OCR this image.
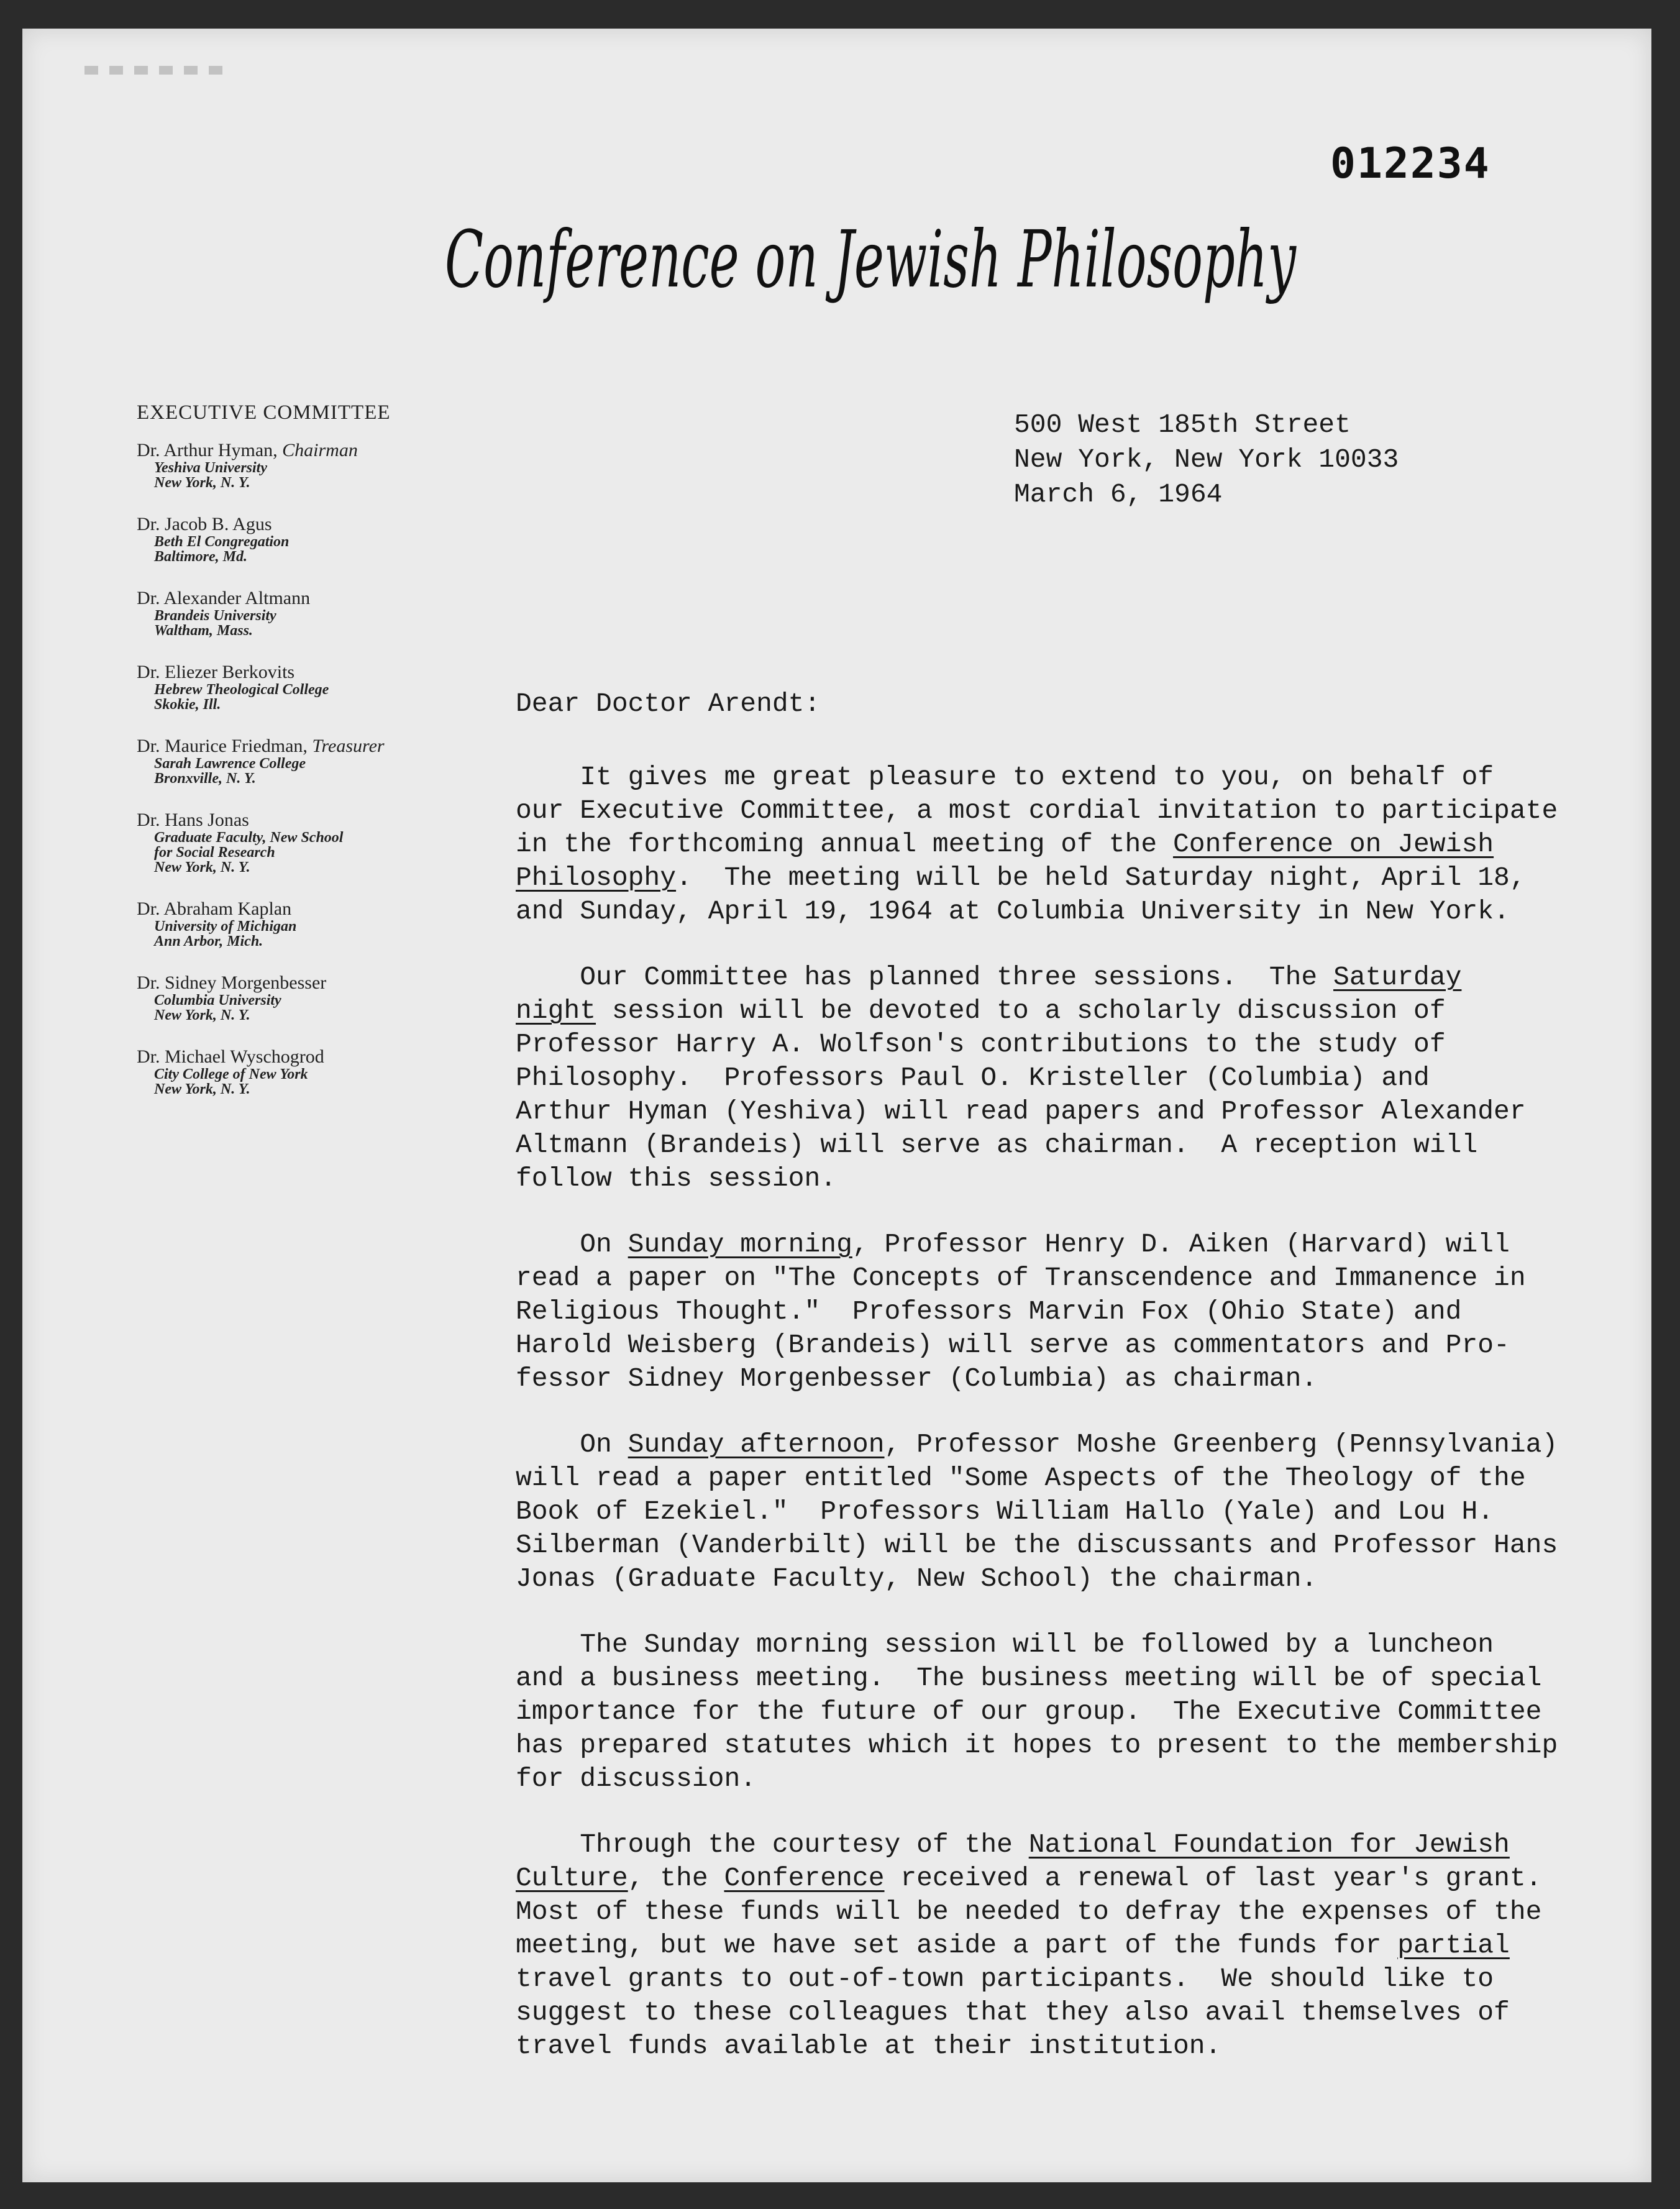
012234

Conference on Jewish Philosophy
EXECUTIVE COMMITTEE
Dr. Arthur Hyman, Chairman
Yeshiva University
New York, N. Y.
Dr. Jacob B. Agus
Beth El Congregation
Baltimore, Md.
Dr. Alexander Altmann
Brandeis University
Waltham, Mass.
Dr. Eliezer Berkovits
Hebrew Theological College
Skokie, Ill.
Dr. Maurice Friedman, Treasurer
Sarah Lawrence College
Bronxville, N. Y.
Dr. Hans Jonas
Graduate Faculty, New School
for Social Research
New York, N. Y.
Dr. Abraham Kaplan
University of Michigan
Ann Arbor, Mich.
Dr. Sidney Morgenbesser
Columbia University
New York, N. Y.
Dr. Michael Wyschogrod
City College of New York
New York, N. Y.
500 West 185th Street
New York, New York 10033
March 6, 1964
Dear Doctor Arendt:
It gives me great pleasure to extend to you, on behalf of
our Executive Committee, a most cordial invitation to participate
in the forthcoming annual meeting of the Conference on Jewish
Philosophy.  The meeting will be held Saturday night, April 18,
and Sunday, April 19, 1964 at Columbia University in New York.
Our Committee has planned three sessions.  The Saturday
night session will be devoted to a scholarly discussion of
Professor Harry A. Wolfson's contributions to the study of
Philosophy.  Professors Paul O. Kristeller (Columbia) and
Arthur Hyman (Yeshiva) will read papers and Professor Alexander
Altmann (Brandeis) will serve as chairman.  A reception will
follow this session.
On Sunday morning, Professor Henry D. Aiken (Harvard) will
read a paper on "The Concepts of Transcendence and Immanence in
Religious Thought."  Professors Marvin Fox (Ohio State) and
Harold Weisberg (Brandeis) will serve as commentators and Pro-
fessor Sidney Morgenbesser (Columbia) as chairman.
On Sunday afternoon, Professor Moshe Greenberg (Pennsylvania)
will read a paper entitled "Some Aspects of the Theology of the
Book of Ezekiel."  Professors William Hallo (Yale) and Lou H.
Silberman (Vanderbilt) will be the discussants and Professor Hans
Jonas (Graduate Faculty, New School) the chairman.
The Sunday morning session will be followed by a luncheon
and a business meeting.  The business meeting will be of special
importance for the future of our group.  The Executive Committee
has prepared statutes which it hopes to present to the membership
for discussion.
Through the courtesy of the National Foundation for Jewish
Culture, the Conference received a renewal of last year's grant.
Most of these funds will be needed to defray the expenses of the
meeting, but we have set aside a part of the funds for partial
travel grants to out-of-town participants.  We should like to
suggest to these colleagues that they also avail themselves of
travel funds available at their institution.
